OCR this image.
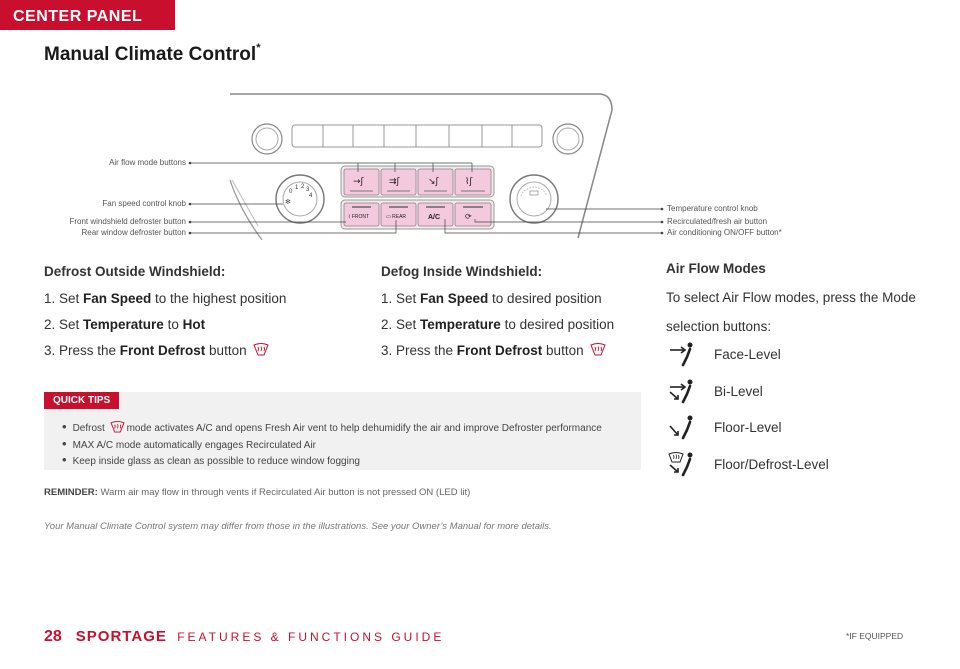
CENTER PANEL
Manual Climate Control*
0
1 2 3
4
✻
→ʃ	⇉ʃ	↘ʃ	⌇ʃ
⌇ FRONT	▭ REAR	A/C	⟳
Air flow mode buttons
Fan speed control knob
Front windshield defroster button
Rear window defroster button
Temperature control knob
Recirculated/fresh air button
Air conditioning ON/OFF button*
Defrost Outside Windshield:

1. Set Fan Speed to the highest position

2. Set Temperature to Hot

3. Press the Front Defrost button

Defog Inside Windshield:

1. Set Fan Speed to desired position

2. Set Temperature to desired position

3. Press the Front Defrost button

Air Flow Modes

To select Air Flow modes, press the Mode

selection buttons:

Face-Level
Bi-Level
Floor-Level
Floor/Defrost-Level
QUICK TIPS
• Defrost mode activates A/C and opens Fresh Air vent to help dehumidify the air and improve Defroster performance
• MAX A/C mode automatically engages Recirculated Air
• Keep inside glass as clean as possible to reduce window fogging
REMINDER: Warm air may flow in through vents if Recirculated Air button is not pressed ON (LED lit)
Your Manual Climate Control system may differ from those in the illustrations. See your Owner’s Manual for more details.
28 SPORTAGE FEATURES & FUNCTIONS GUIDE	*IF EQUIPPED
